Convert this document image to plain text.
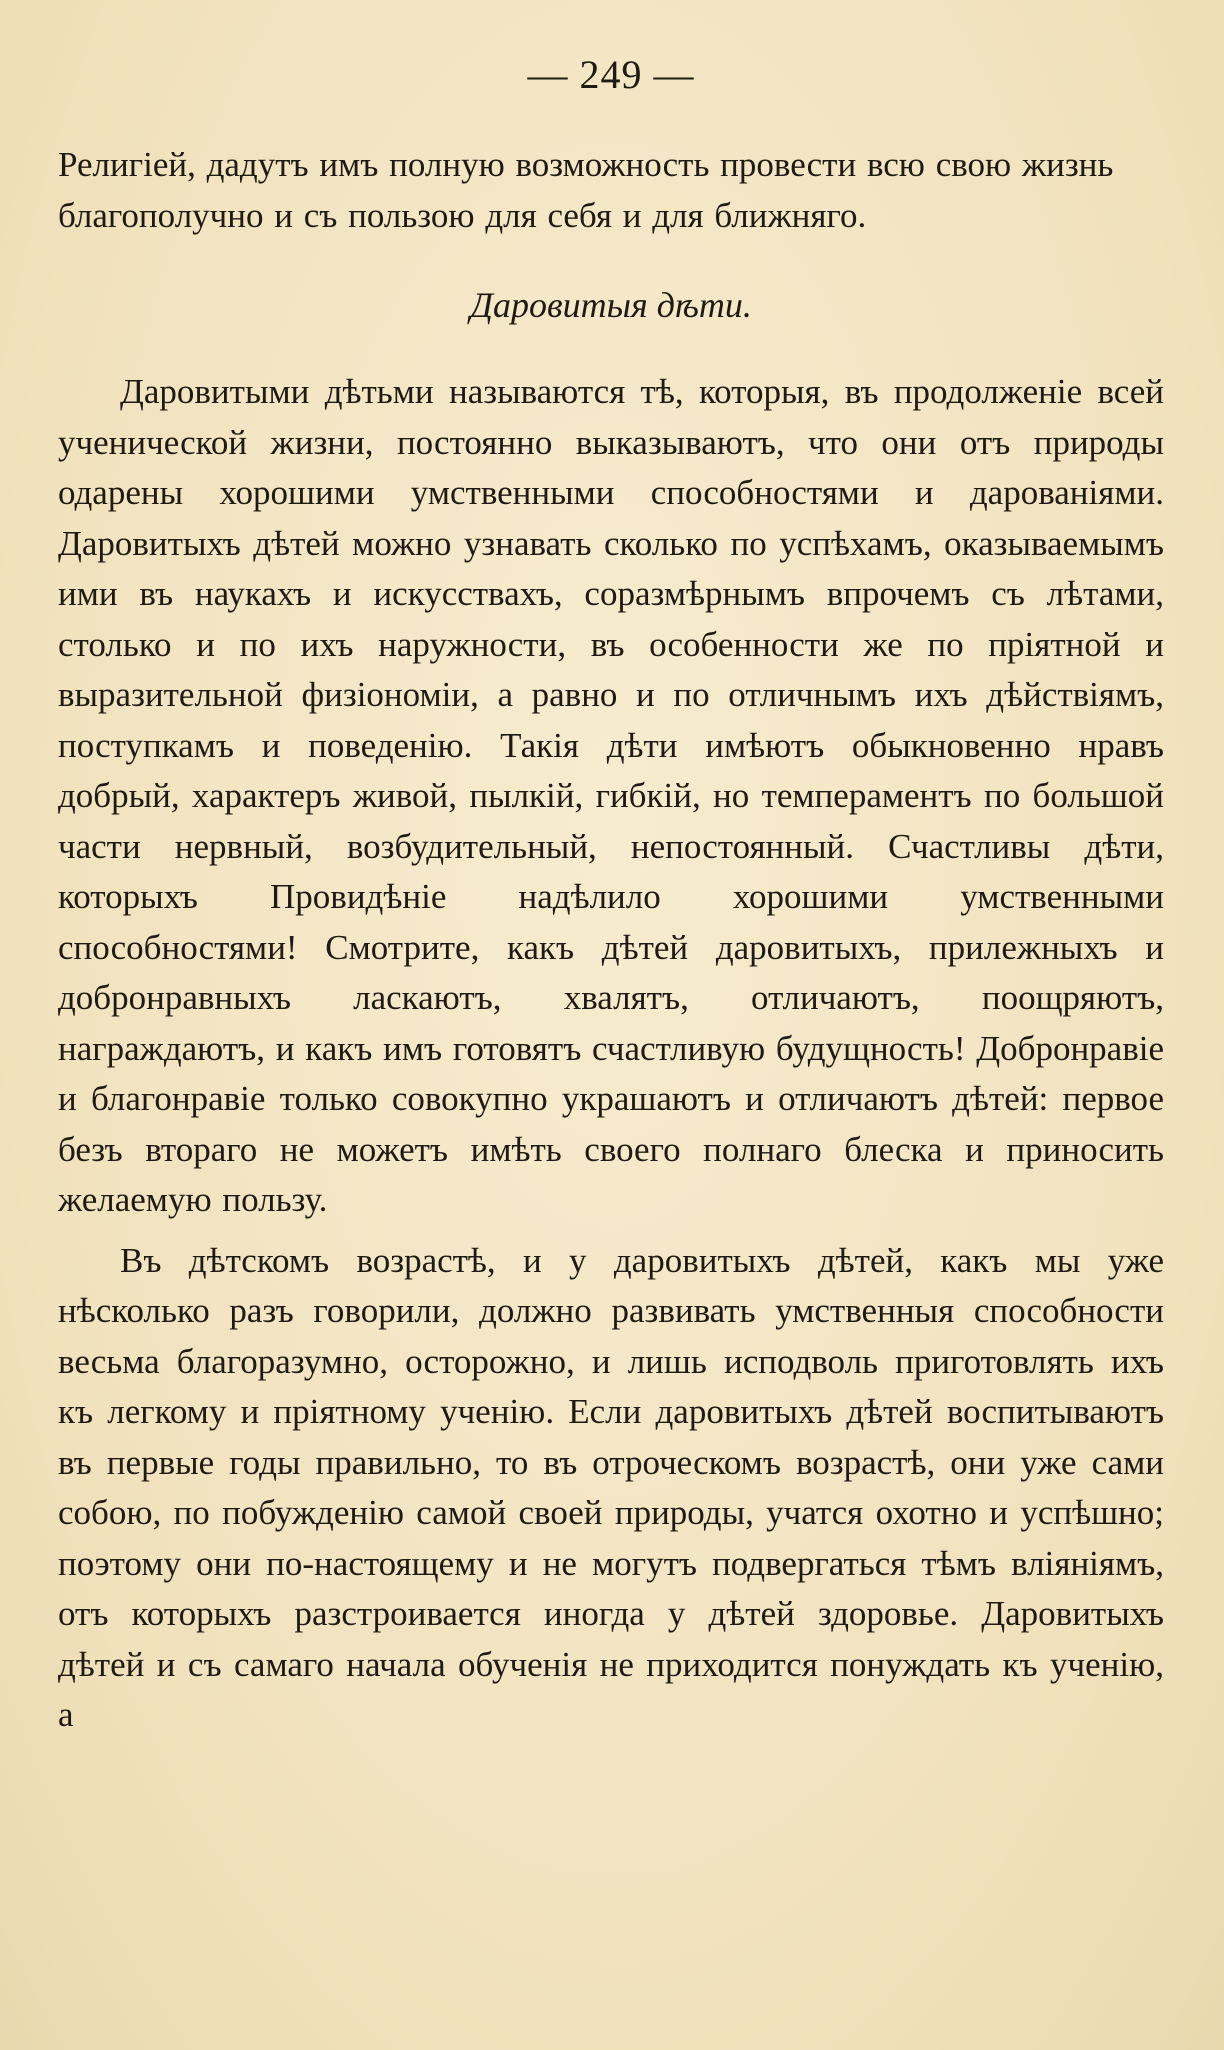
— 249 —

Религiей, дадутъ имъ полную возможность провести всю свою жизнь благополучно и съ пользою для себя и для ближняго.

Даровитыя дѣти.

Даровитыми дѣтьми называются тѣ, которыя, въ продолженiе всей ученической жизни, постоянно выказываютъ, что они отъ природы одарены хорошими умственными способностями и дарованiями. Даровитыхъ дѣтей можно узнавать сколько по успѣхамъ, оказываемымъ ими въ наукахъ и искусствахъ, соразмѣрнымъ впрочемъ съ лѣтами, столько и по ихъ наружности, въ особенности же по прiятной и выразительной физiономiи, а равно и по отличнымъ ихъ дѣйствiямъ, поступкамъ и поведенiю. Такiя дѣти имѣютъ обыкновенно нравъ добрый, характеръ живой, пылкiй, гибкiй, но темпераментъ по большой части нервный, возбудительный, непостоянный. Счастливы дѣти, которыхъ Провидѣнiе надѣлило хорошими умственными способностями! Смотрите, какъ дѣтей даровитыхъ, прилежныхъ и добронравныхъ ласкаютъ, хвалятъ, отличаютъ, поощряютъ, награждаютъ, и какъ имъ готовятъ счастливую будущность! Добронравiе и благонравiе только совокупно украшаютъ и отличаютъ дѣтей: первое безъ втораго не можетъ имѣть своего полнаго блеска и приносить желаемую пользу.

Въ дѣтскомъ возрастѣ, и у даровитыхъ дѣтей, какъ мы уже нѣсколько разъ говорили, должно развивать умственныя способности весьма благоразумно, осторожно, и лишь исподволь приготовлять ихъ къ легкому и прiятному ученiю. Если даровитыхъ дѣтей воспитываютъ въ первые годы правильно, то въ отроческомъ возрастѣ, они уже сами собою, по побужденiю самой своей природы, учатся охотно и успѣшно; поэтому они по-настоящему и не могутъ подвергаться тѣмъ влiянiямъ, отъ которыхъ разстроивается иногда у дѣтей здоровье. Даровитыхъ дѣтей и съ самаго начала обученiя не приходится понуждать къ ученiю, а
